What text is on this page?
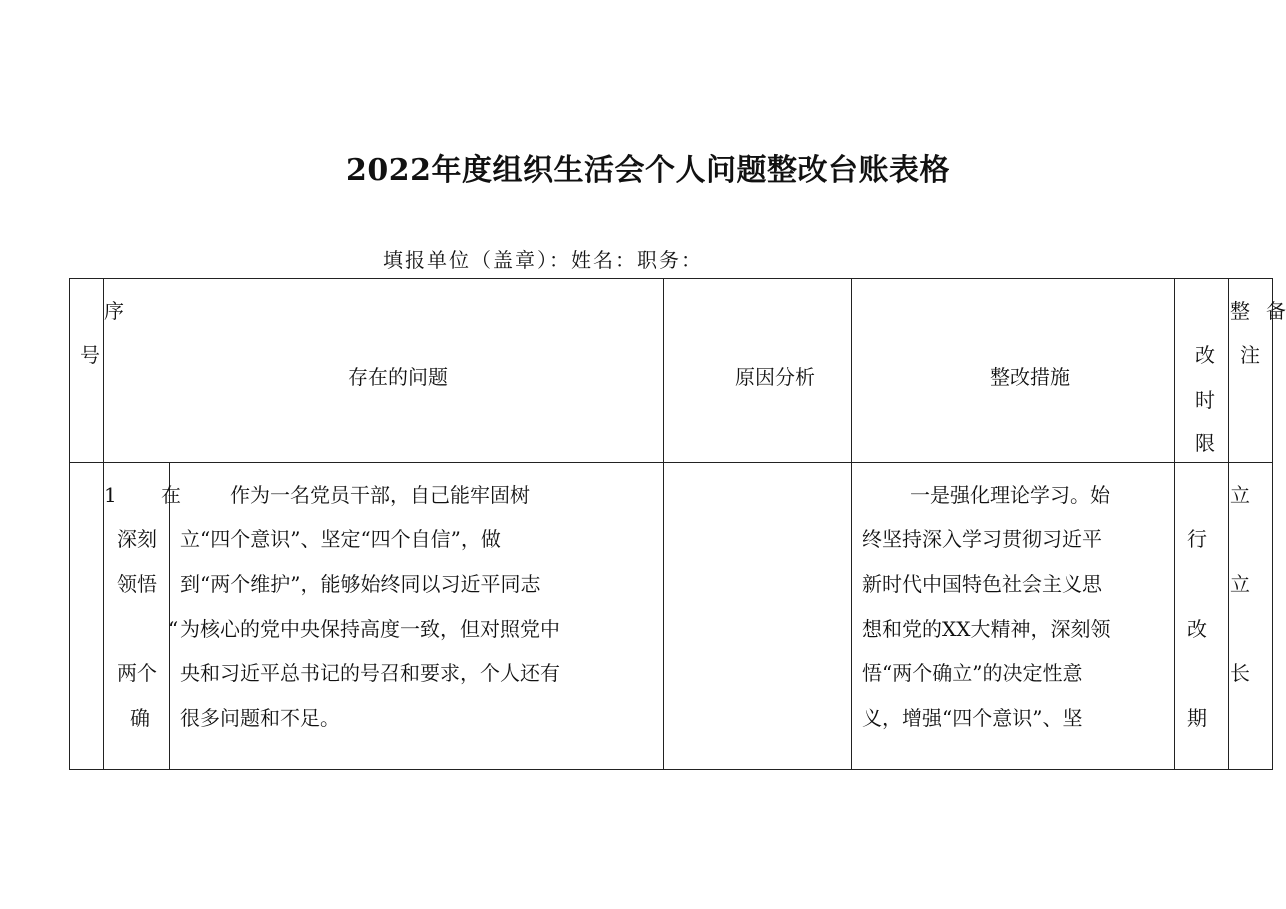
2022年度组织生活会个人问题整改台账表格
填报单位（盖章）：姓名：职务：
序
号
存在的问题	原因分析	整改措施
整
改
时
限
备
注
1 在
深刻
领悟
“
两个
确
作为一名党员干部，自己能牢固树
立“四个意识”、坚定“四个自信”，做
到“两个维护”，能够始终同以习近平同志
为核心的党中央保持高度一致，但对照党中
央和习近平总书记的号召和要求，个人还有
很多问题和不足。
一是强化理论学习。始
终坚持深入学习贯彻习近平
新时代中国特色社会主义思
想和党的XX大精神，深刻领
悟“两个确立”的决定性意
义，增强“四个意识”、坚
行
改
期
立
立
长
